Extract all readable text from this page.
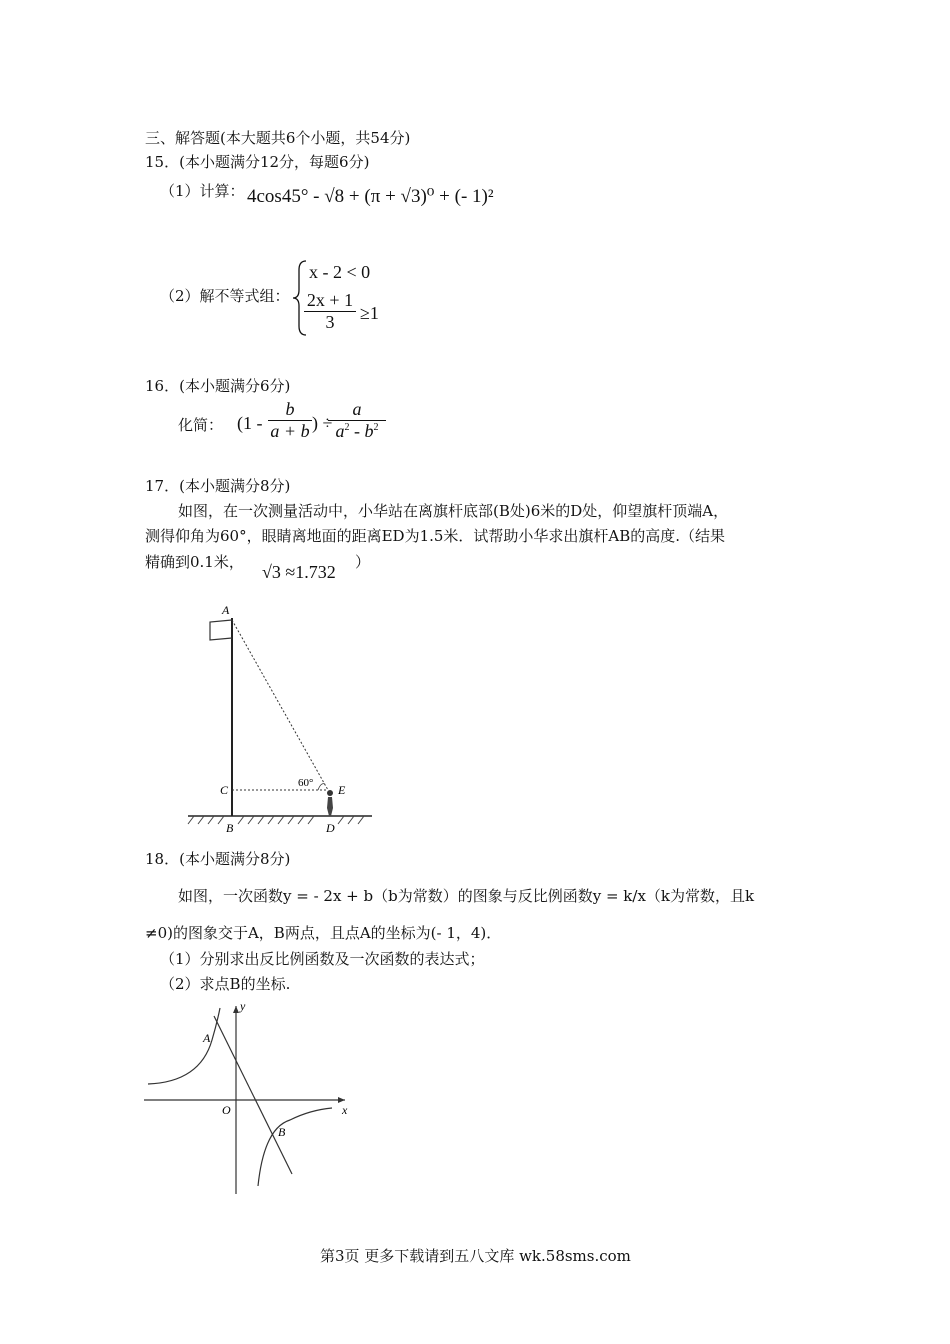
三、解答题(本大题共6个小题，共54分)
15．(本小题满分12分，每题6分)
（1）计算： 4cos45° - √8 + (π + √3)⁰ + (- 1)²
（2）解不等式组：
x - 2 < 0
$\frac{2x + 1}{3} \ge 1$
16．(本小题满分6分)
化简： ($1 - \frac{b}{a + b}$ ) ÷
$\frac{a}{a^2 - b^2}$
17．(本小题满分8分)
如图，在一次测量活动中，小华站在离旗杆底部(B处)6米的D处，仰望旗杆顶端A，
测得仰角为60°，眼睛离地面的距离ED为1.5米．试帮助小华求出旗杆AB的高度.（结果
精确到0.1米， √3 ≈1.732 ）
A
C
B
E
D
60°
18．(本小题满分8分)
如图，一次函数y = - 2x + b（b为常数）的图象与反比例函数y = k/x（k为常数，且k
≠0)的图象交于A，B两点，且点A的坐标为(- 1，4)．
（1）分别求出反比例函数及一次函数的表达式；
（2）求点B的坐标.
A
B
O	x
y
第3页 更多下载请到五八文库 wk.58sms.com
